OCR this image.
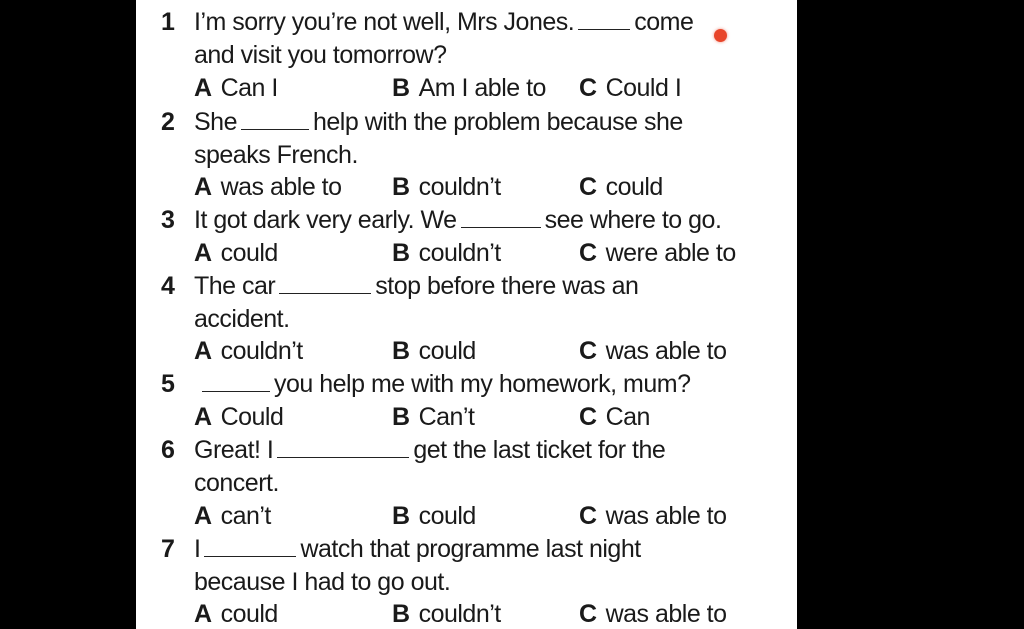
1 I’m sorry you’re not well, Mrs Jones. come
and visit you tomorrow?
A Can I	B Am I able to C Could I
2 She	help with the problem because she
speaks French.
A was able to B couldn’t	C could
3 It got dark very early. We	see where to go.
A could	B couldn’t	C were able to
4 The car	stop before there was an
accident.
A couldn’t	B could	C was able to
5	you help me with my homework, mum?
A Could	B Can’t	C Can
6 Great! I	get the last ticket for the
concert.
A can’t	B could	C was able to
7 I	watch that programme last night
because I had to go out.
A could	B couldn’t	C was able to
